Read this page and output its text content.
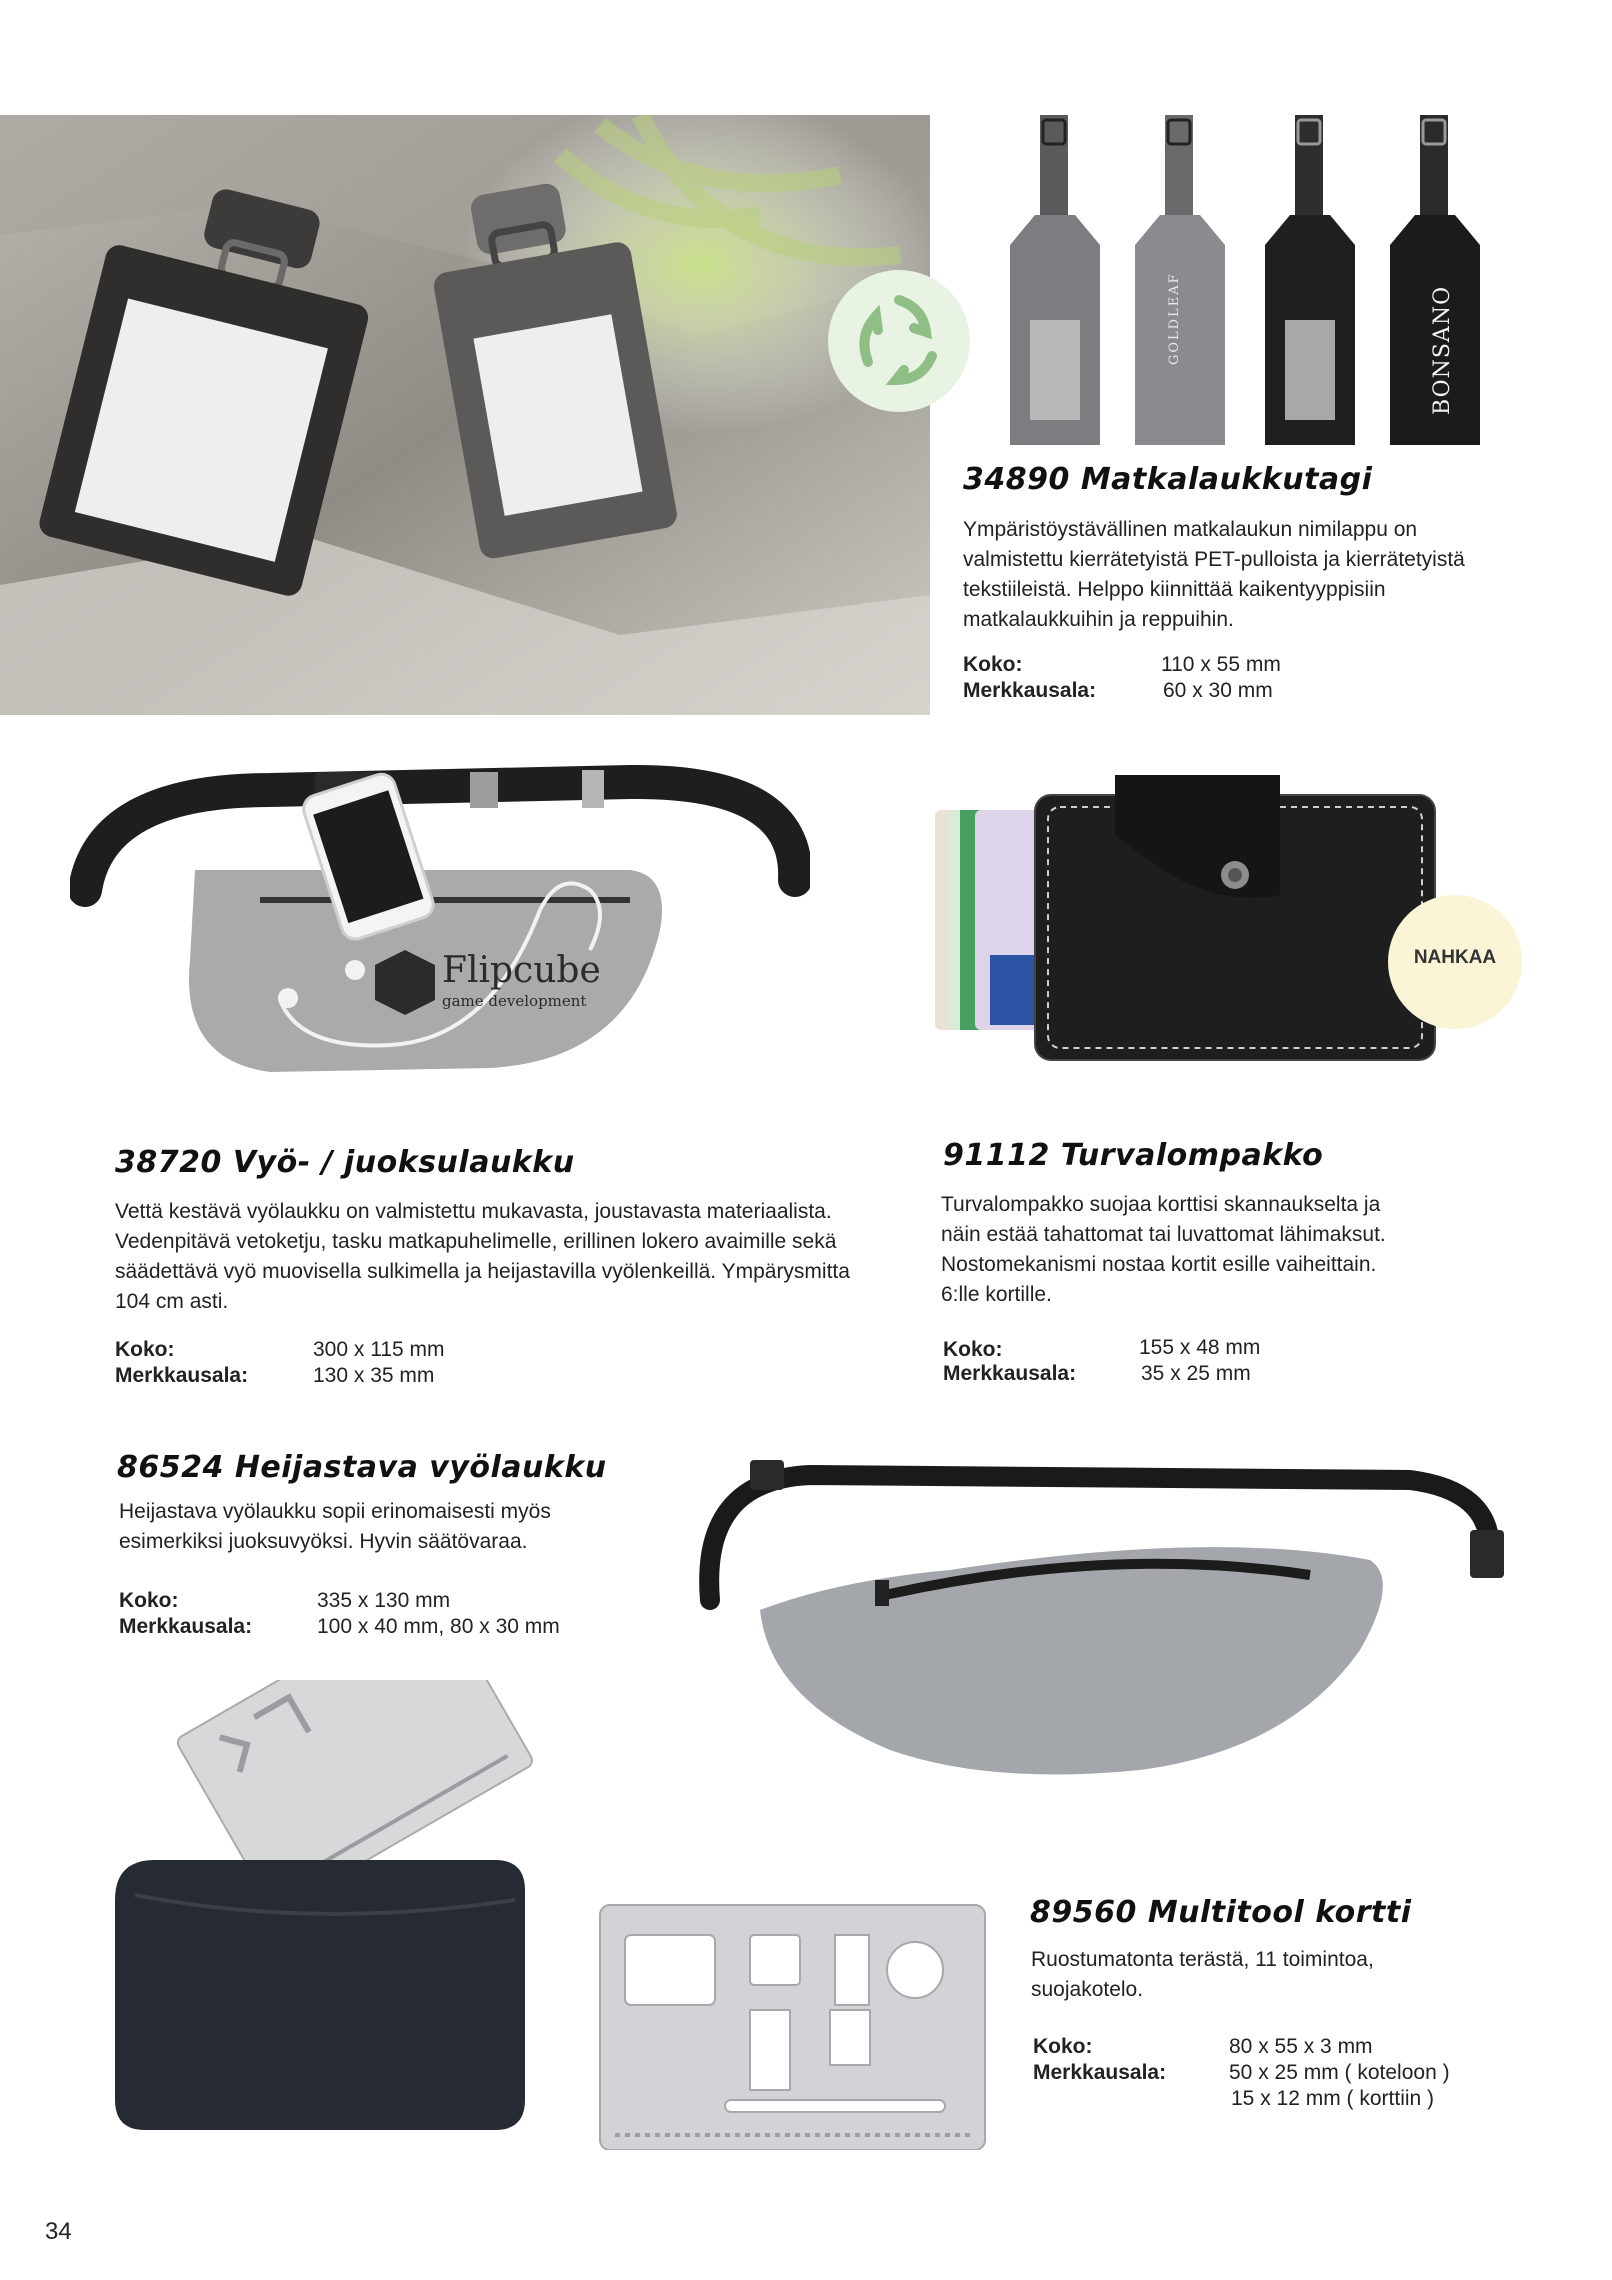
GOLDLEAF	BONSANO
34890 Matkalaukkutagi
Ympäristöystävällinen matkalaukun nimilappu on valmistettu kierrätetyistä PET-pulloista ja kierrätetyistä tekstiileistä. Helppo kiinnittää kaikentyyppisiin matkalaukkuihin ja reppuihin.
Koko:	110 x 55 mm
Merkkausala:	60 x 30 mm
Flipcube
game development
NAHKAA
38720 Vyö- / juoksulaukku
Vettä kestävä vyölaukku on valmistettu mukavasta, joustavasta materiaalista. Vedenpitävä vetoketju, tasku matkapuhelimelle, erillinen lokero avaimille sekä säädettävä vyö muovisella sulkimella ja heijastavilla vyölenkeillä. Ympärysmitta 104 cm asti.
Koko:	300 x 115 mm
Merkkausala:	130 x 35 mm
91112 Turvalompakko
Turvalompakko suojaa korttisi skannaukselta ja näin estää tahattomat tai luvattomat lähimaksut. Nostomekanismi nostaa kortit esille vaiheittain. 6:lle kortille.
Koko:	155 x 48 mm
Merkkausala:	35 x 25 mm
86524 Heijastava vyölaukku
Heijastava vyölaukku sopii erinomaisesti myös esimerkiksi juoksuvyöksi. Hyvin säätövaraa.
Koko:	335 x 130 mm
Merkkausala:	100 x 40 mm, 80 x 30 mm
89560 Multitool kortti
Ruostumatonta terästä, 11 toimintoa, suojakotelo.
Koko:	80 x 55 x 3 mm
Merkkausala:	50 x 25 mm ( koteloon )
15 x 12 mm ( korttiin )
34
